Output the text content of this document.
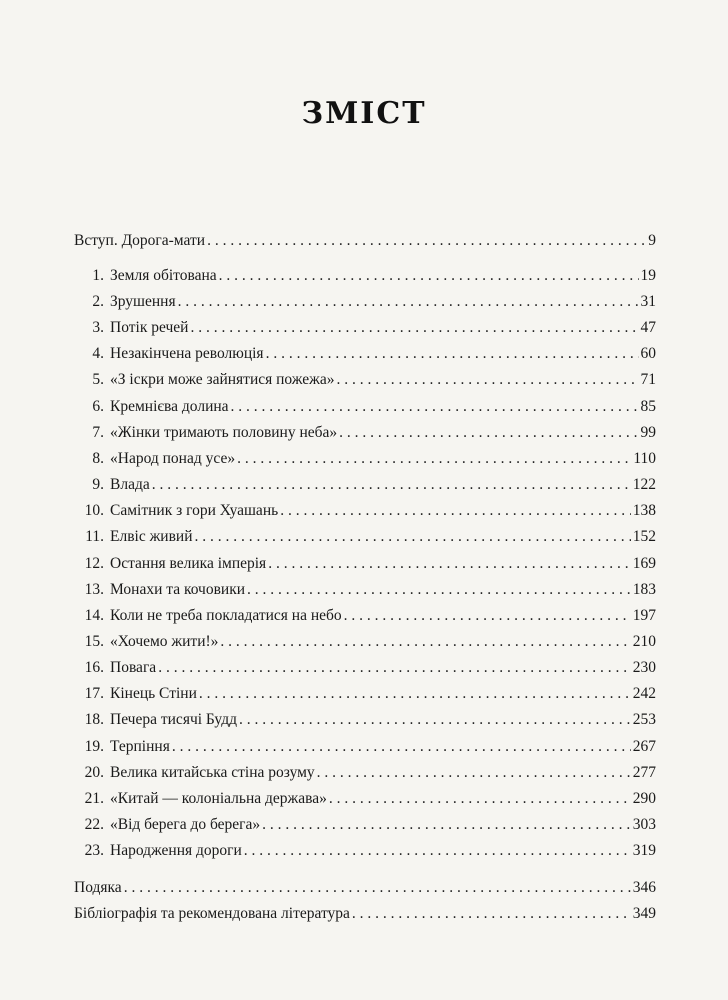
ЗМІСТ
Вступ. Дорога-мати . . .	9
1. Земля обітована . . .	19
2. Зрушення . . .	31
3. Потік речей . . .	47
4. Незакінчена революція . . .	60
5. «З іскри може зайнятися пожежа» . . .	71
6. Кремнієва долина . . .	85
7. «Жінки тримають половину неба» . . .	99
8. «Народ понад усе» . . .	110
9. Влада . . .	122
10. Самітник з гори Хуашань . . .	138
11. Елвіс живий . . .	152
12. Остання велика імперія . . .	169
13. Монахи та кочовики . . .	183
14. Коли не треба покладатися на небо . . .	197
15. «Хочемо жити!» . . .	210
16. Повага . . .	230
17. Кінець Стіни . . .	242
18. Печера тисячі Будд . . .	253
19. Терпіння . . .	267
20. Велика китайська стіна розуму . . .	277
21. «Китай — колоніальна держава» . . .	290
22. «Від берега до берега» . . .	303
23. Народження дороги . . .	319
Подяка . . .	346
Бібліографія та рекомендована література . . .	349
